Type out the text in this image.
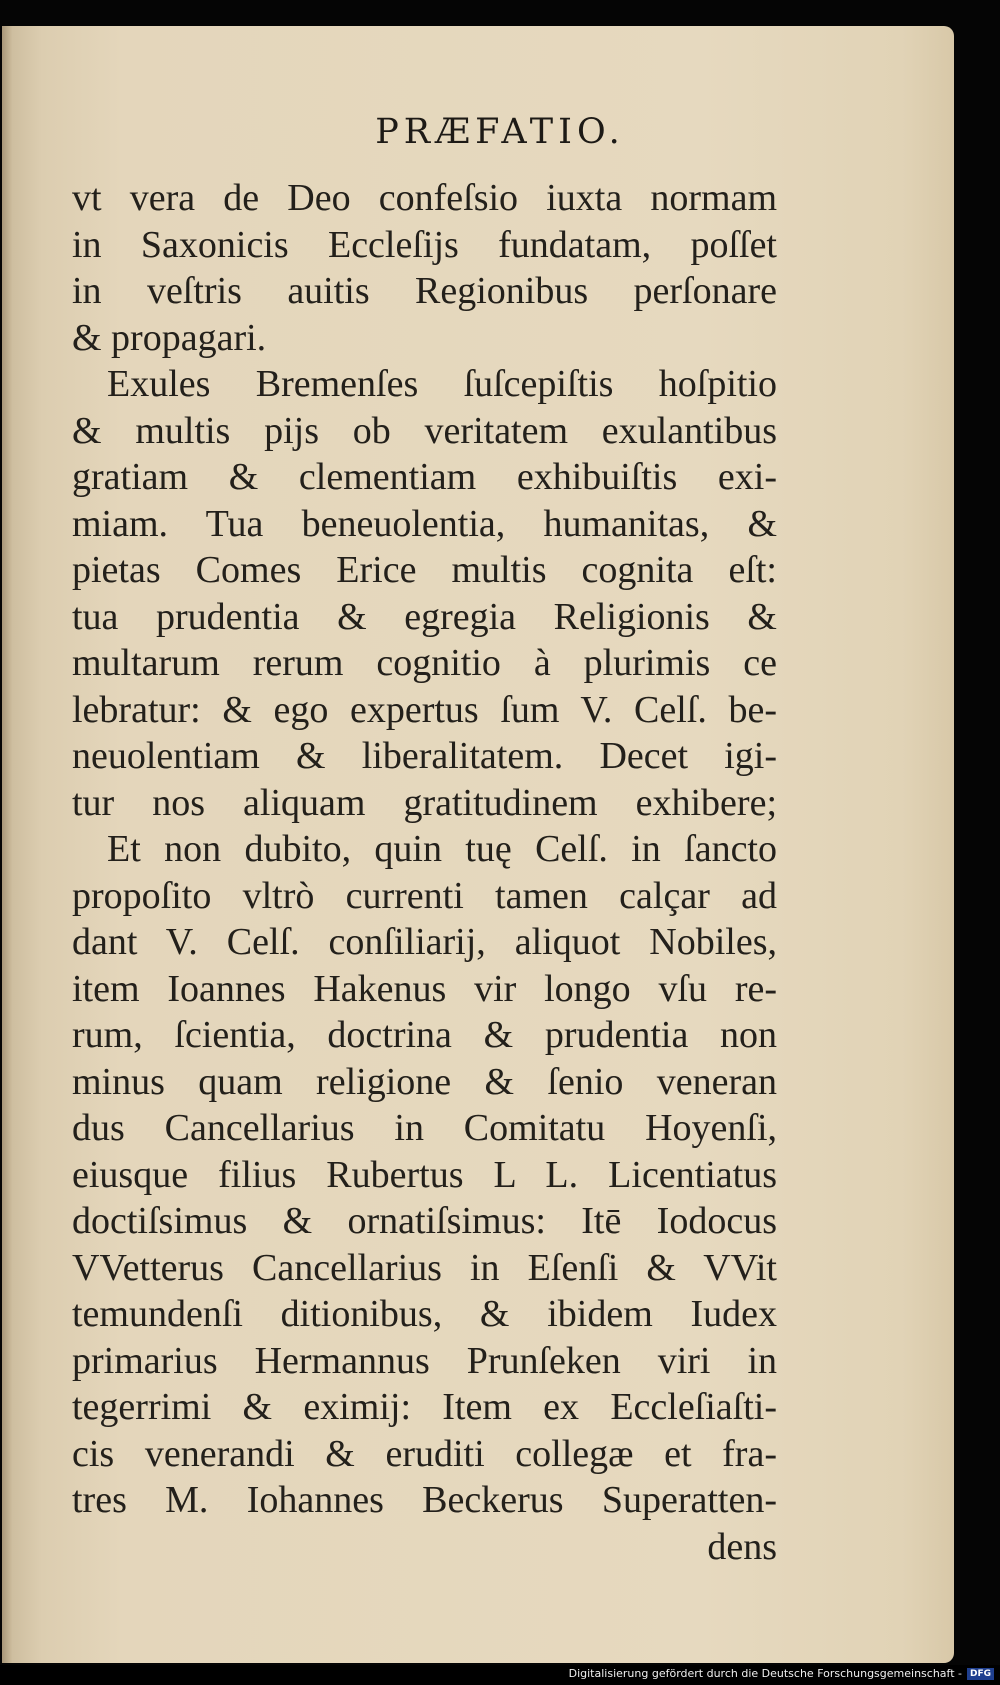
PRÆFATIO.
vt vera de Deo confeſsio iuxta normam
in Saxonicis Eccleſijs fundatam, poſſet
in veſtris auitis Regionibus perſonare
& propagari.
Exules Bremenſes ſuſcepiſtis hoſpitio
& multis pijs ob veritatem exulantibus
gratiam & clementiam exhibuiſtis exi-
miam. Tua beneuolentia, humanitas, &
pietas Comes Erice multis cognita eſt:
tua prudentia & egregia Religionis &
multarum rerum cognitio à plurimis ce
lebratur: & ego expertus ſum V. Celſ. be-
neuolentiam & liberalitatem. Decet igi-
tur nos aliquam gratitudinem exhibere;
Et non dubito, quin tuę Celſ. in ſancto
propoſito vltrò currenti tamen calçar ad
dant V. Celſ. conſiliarij, aliquot Nobiles,
item Ioannes Hakenus vir longo vſu re-
rum, ſcientia, doctrina & prudentia non
minus quam religione & ſenio veneran
dus Cancellarius in Comitatu Hoyenſi,
eiusque filius Rubertus L L. Licentiatus
doctiſsimus & ornatiſsimus: Itē Iodocus
VVetterus Cancellarius in Eſenſi & VVit
temundenſi ditionibus, & ibidem Iudex
primarius Hermannus Prunſeken viri in
tegerrimi & eximij: Item ex Eccleſiaſti-
cis venerandi & eruditi collegæ et fra-
tres M. Iohannes Beckerus Superatten-
dens
Digitalisierung gefördert durch die Deutsche Forschungsgemeinschaft - DFG
